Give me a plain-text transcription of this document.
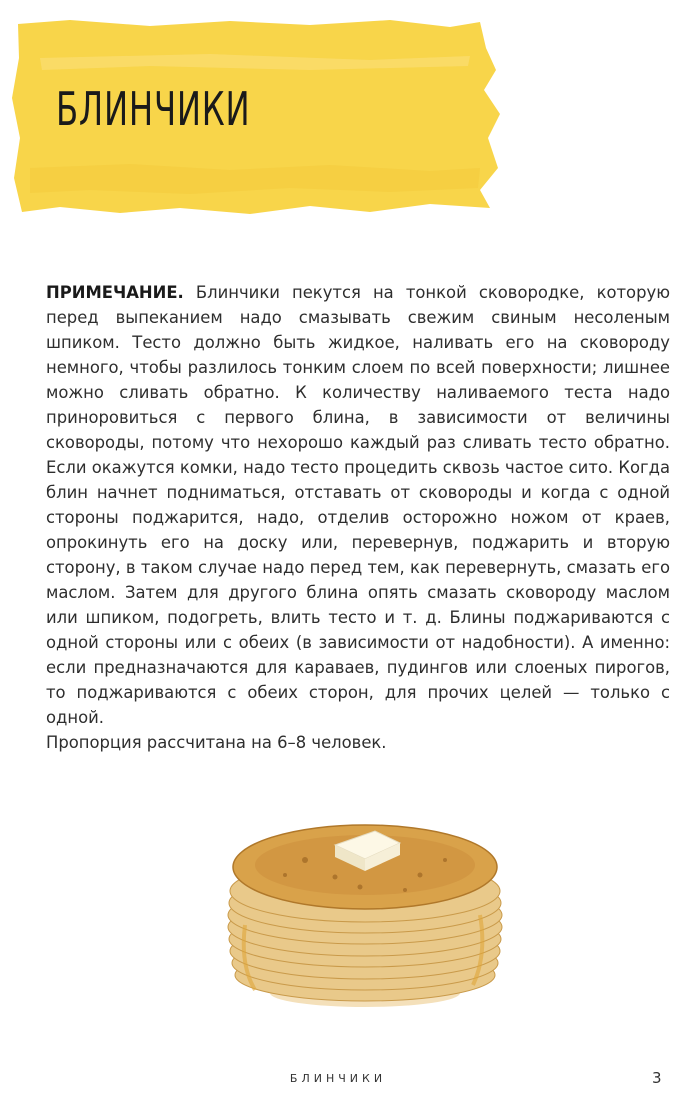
БЛИНЧИКИ

ПРИМЕЧАНИЕ. Блинчики пекутся на тонкой сковородке, которую перед выпеканием надо смазывать свежим свиным несоленым шпиком. Тесто должно быть жидкое, наливать его на сковороду немного, чтобы разлилось тонким слоем по всей поверхности; лишнее можно сливать обратно. К количеству наливаемого теста надо приноровиться с первого блина, в зависимости от величины сковороды, потому что нехорошо каждый раз сливать тесто обратно. Если окажутся комки, надо тесто процедить сквозь частое сито. Когда блин начнет подниматься, отставать от сковороды и когда с одной стороны поджарится, надо, отделив осторожно ножом от краев, опрокинуть его на доску или, перевернув, поджарить и вторую сторону, в таком случае надо перед тем, как перевернуть, смазать его маслом. Затем для другого блина опять смазать сковороду маслом или шпиком, подогреть, влить тесто и т. д. Блины поджариваются с одной стороны или с обеих (в зависимости от надобности). А именно: если предназначаются для караваев, пудингов или слоеных пирогов, то поджариваются с обеих сторон, для прочих целей — только с одной.

Пропорция рассчитана на 6–8 человек.

БЛИНЧИКИ	3
